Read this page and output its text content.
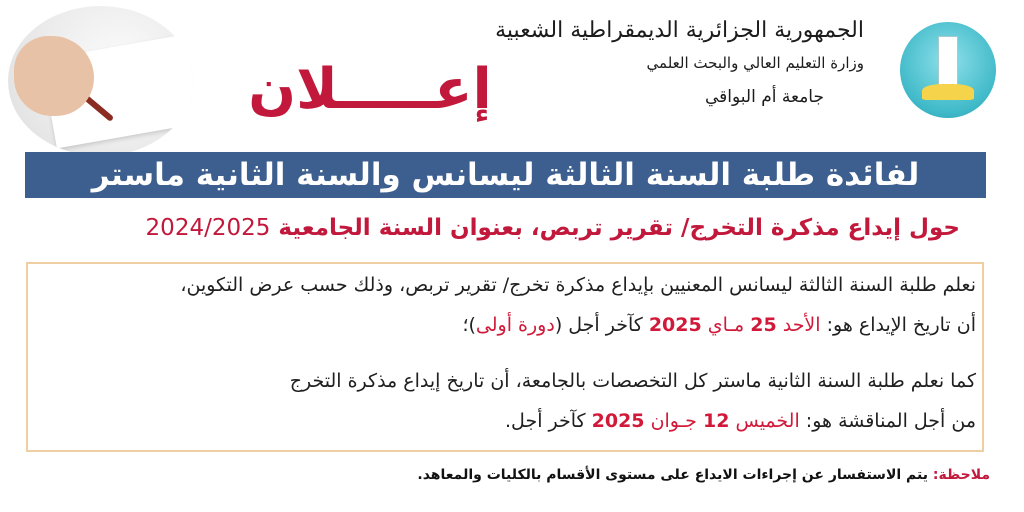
الجمهورية الجزائرية الديمقراطية الشعبية
وزارة التعليم العالي والبحث العلمي
جامعة أم البواقي
إعـــــلان
لفائدة طلبة السنة الثالثة ليسانس والسنة الثانية ماستر
حول إيداع مذكرة التخرج/ تقرير تربص، بعنوان السنة الجامعية 2024/2025
نعلم طلبة السنة الثالثة ليسانس المعنيين بإيداع مذكرة تخرج/ تقرير تربص، وذلك حسب عرض التكوين،
أن تاريخ الإيداع هو: الأحد 25 مـاي 2025 كآخر أجل (دورة أولى)؛
كما نعلم طلبة السنة الثانية ماستر كل التخصصات بالجامعة، أن تاريخ إيداع مذكرة التخرج
من أجل المناقشة هو: الخميس 12 جـوان 2025 كآخر أجل.
ملاحظة: يتم الاستفسار عن إجراءات الايداع على مستوى الأقسام بالكليات والمعاهد.
